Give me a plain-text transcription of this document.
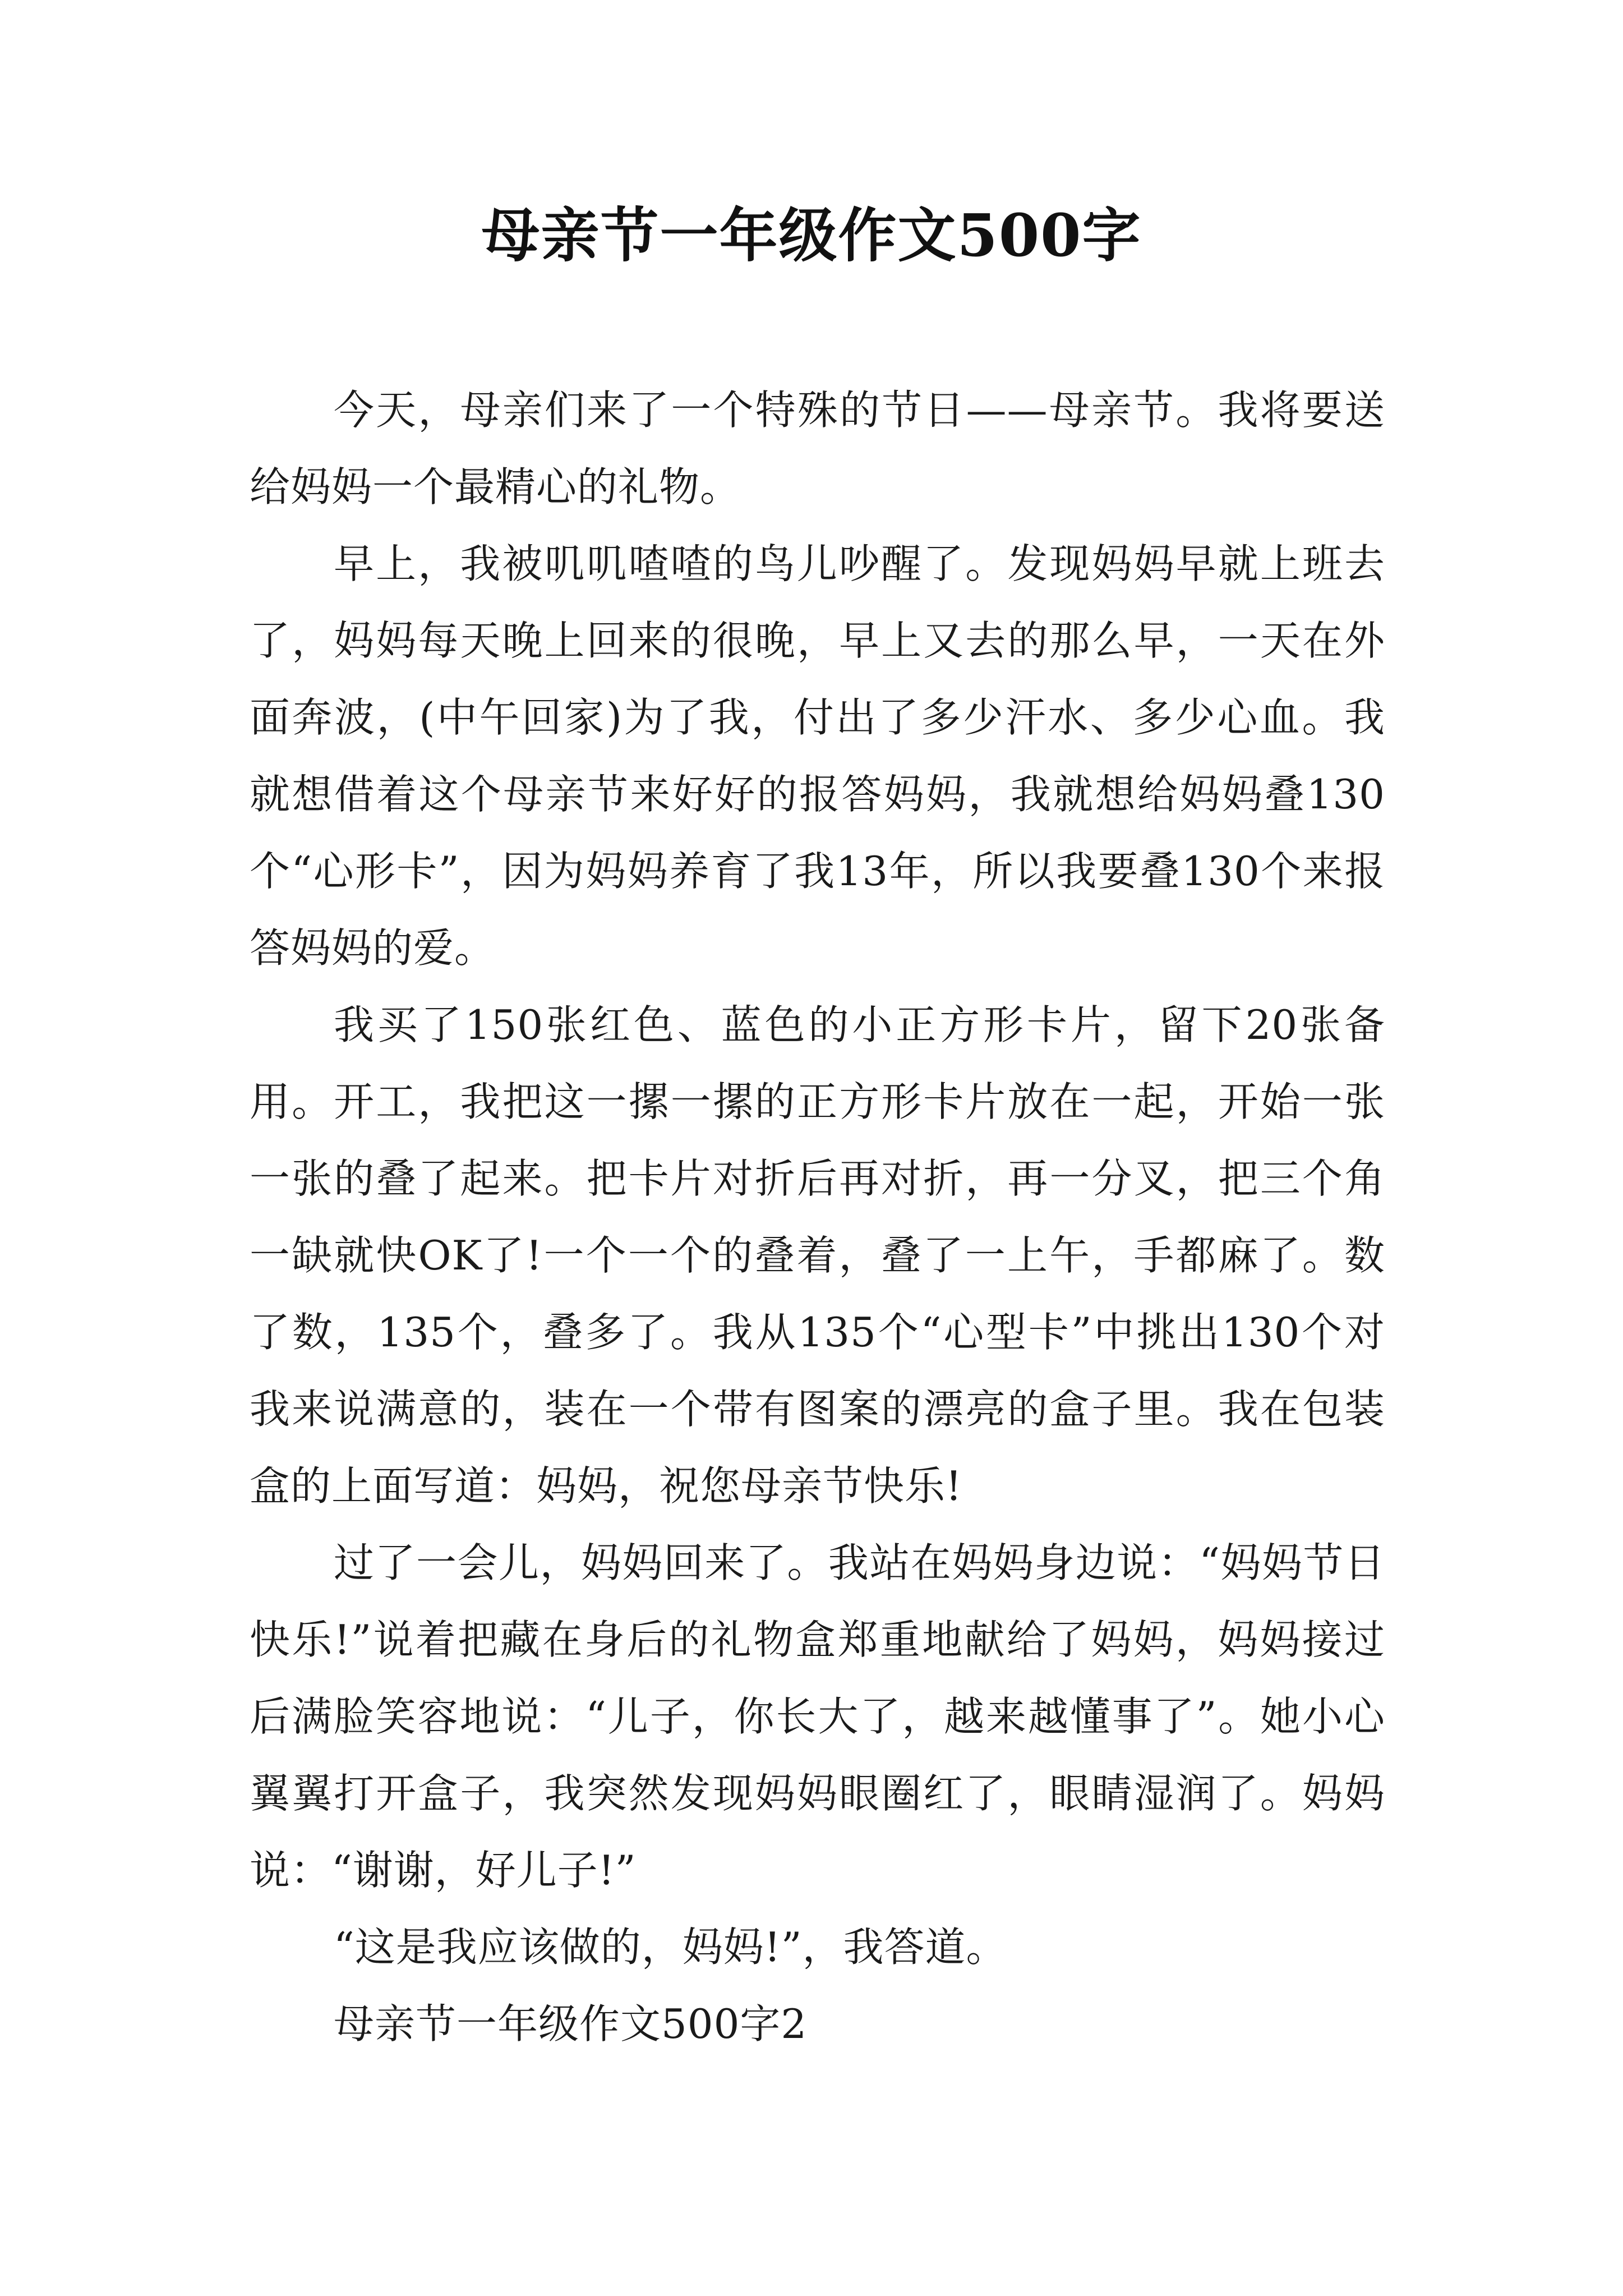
母亲节一年级作文500字

今天，母亲们来了一个特殊的节日——母亲节。我将要送给妈妈一个最精心的礼物。

早上，我被叽叽喳喳的鸟儿吵醒了。发现妈妈早就上班去了，妈妈每天晚上回来的很晚，早上又去的那么早，一天在外面奔波，(中午回家)为了我，付出了多少汗水、多少心血。我就想借着这个母亲节来好好的报答妈妈，我就想给妈妈叠130个“心形卡”，因为妈妈养育了我13年，所以我要叠130个来报答妈妈的爱。

我买了150张红色、蓝色的小正方形卡片，留下20张备用。开工，我把这一摞一摞的正方形卡片放在一起，开始一张一张的叠了起来。把卡片对折后再对折，再一分叉，把三个角一缺就快OK了!一个一个的叠着，叠了一上午，手都麻了。数了数，135个，叠多了。我从135个“心型卡”中挑出130个对我来说满意的，装在一个带有图案的漂亮的盒子里。我在包装盒的上面写道：妈妈，祝您母亲节快乐!

过了一会儿，妈妈回来了。我站在妈妈身边说：“妈妈节日快乐!”说着把藏在身后的礼物盒郑重地献给了妈妈，妈妈接过后满脸笑容地说：“儿子，你长大了，越来越懂事了”。她小心翼翼打开盒子，我突然发现妈妈眼圈红了，眼睛湿润了。妈妈说：“谢谢，好儿子!”

“这是我应该做的，妈妈!”，我答道。

母亲节一年级作文500字2
